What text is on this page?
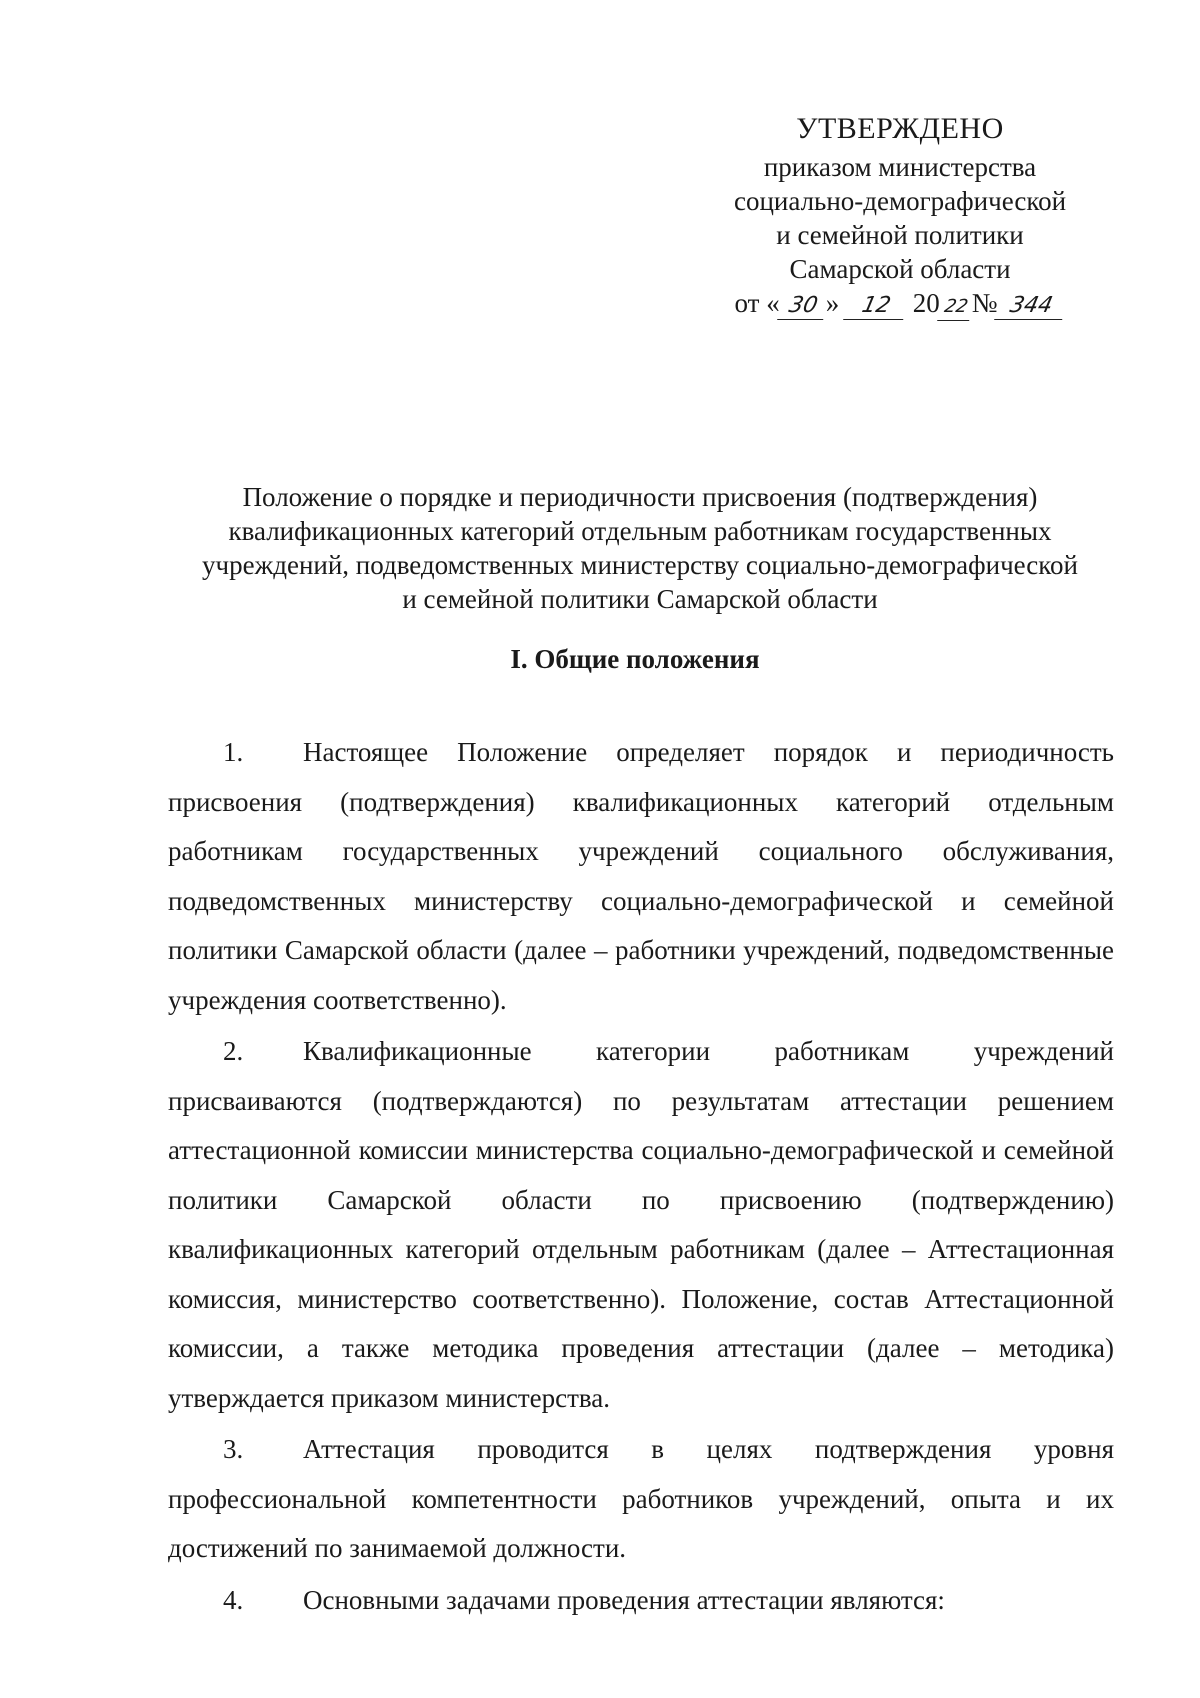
УТВЕРЖДЕНО
приказом министерства
социально-демографической
и семейной политики
Самарской области
от « 30 » 12 20 22№ 344
Положение о порядке и периодичности присвоения (подтверждения)
квалификационных категорий отдельным работникам государственных
учреждений, подведомственных министерству социально-демографической
и семейной политики Самарской области
I. Общие положения

1. Настоящее Положение определяет порядок и периодичность присвоения (подтверждения) квалификационных категорий отдельным работникам государственных учреждений социального обслуживания, подведомственных министерству социально-демографической и семейной политики Самарской области (далее – работники учреждений, подведомственные учреждения соответственно).

2. Квалификационные категории работникам учреждений присваиваются (подтверждаются) по результатам аттестации решением аттестационной комиссии министерства социально-демографической и семейной политики Самарской области по присвоению (подтверждению) квалификационных категорий отдельным работникам (далее – Аттестационная комиссия, министерство соответственно). Положение, состав Аттестационной комиссии, а также методика проведения аттестации (далее – методика) утверждается приказом министерства.

3. Аттестация проводится в целях подтверждения уровня профессиональной компетентности работников учреждений, опыта и их достижений по занимаемой должности.

4. Основными задачами проведения аттестации являются:
